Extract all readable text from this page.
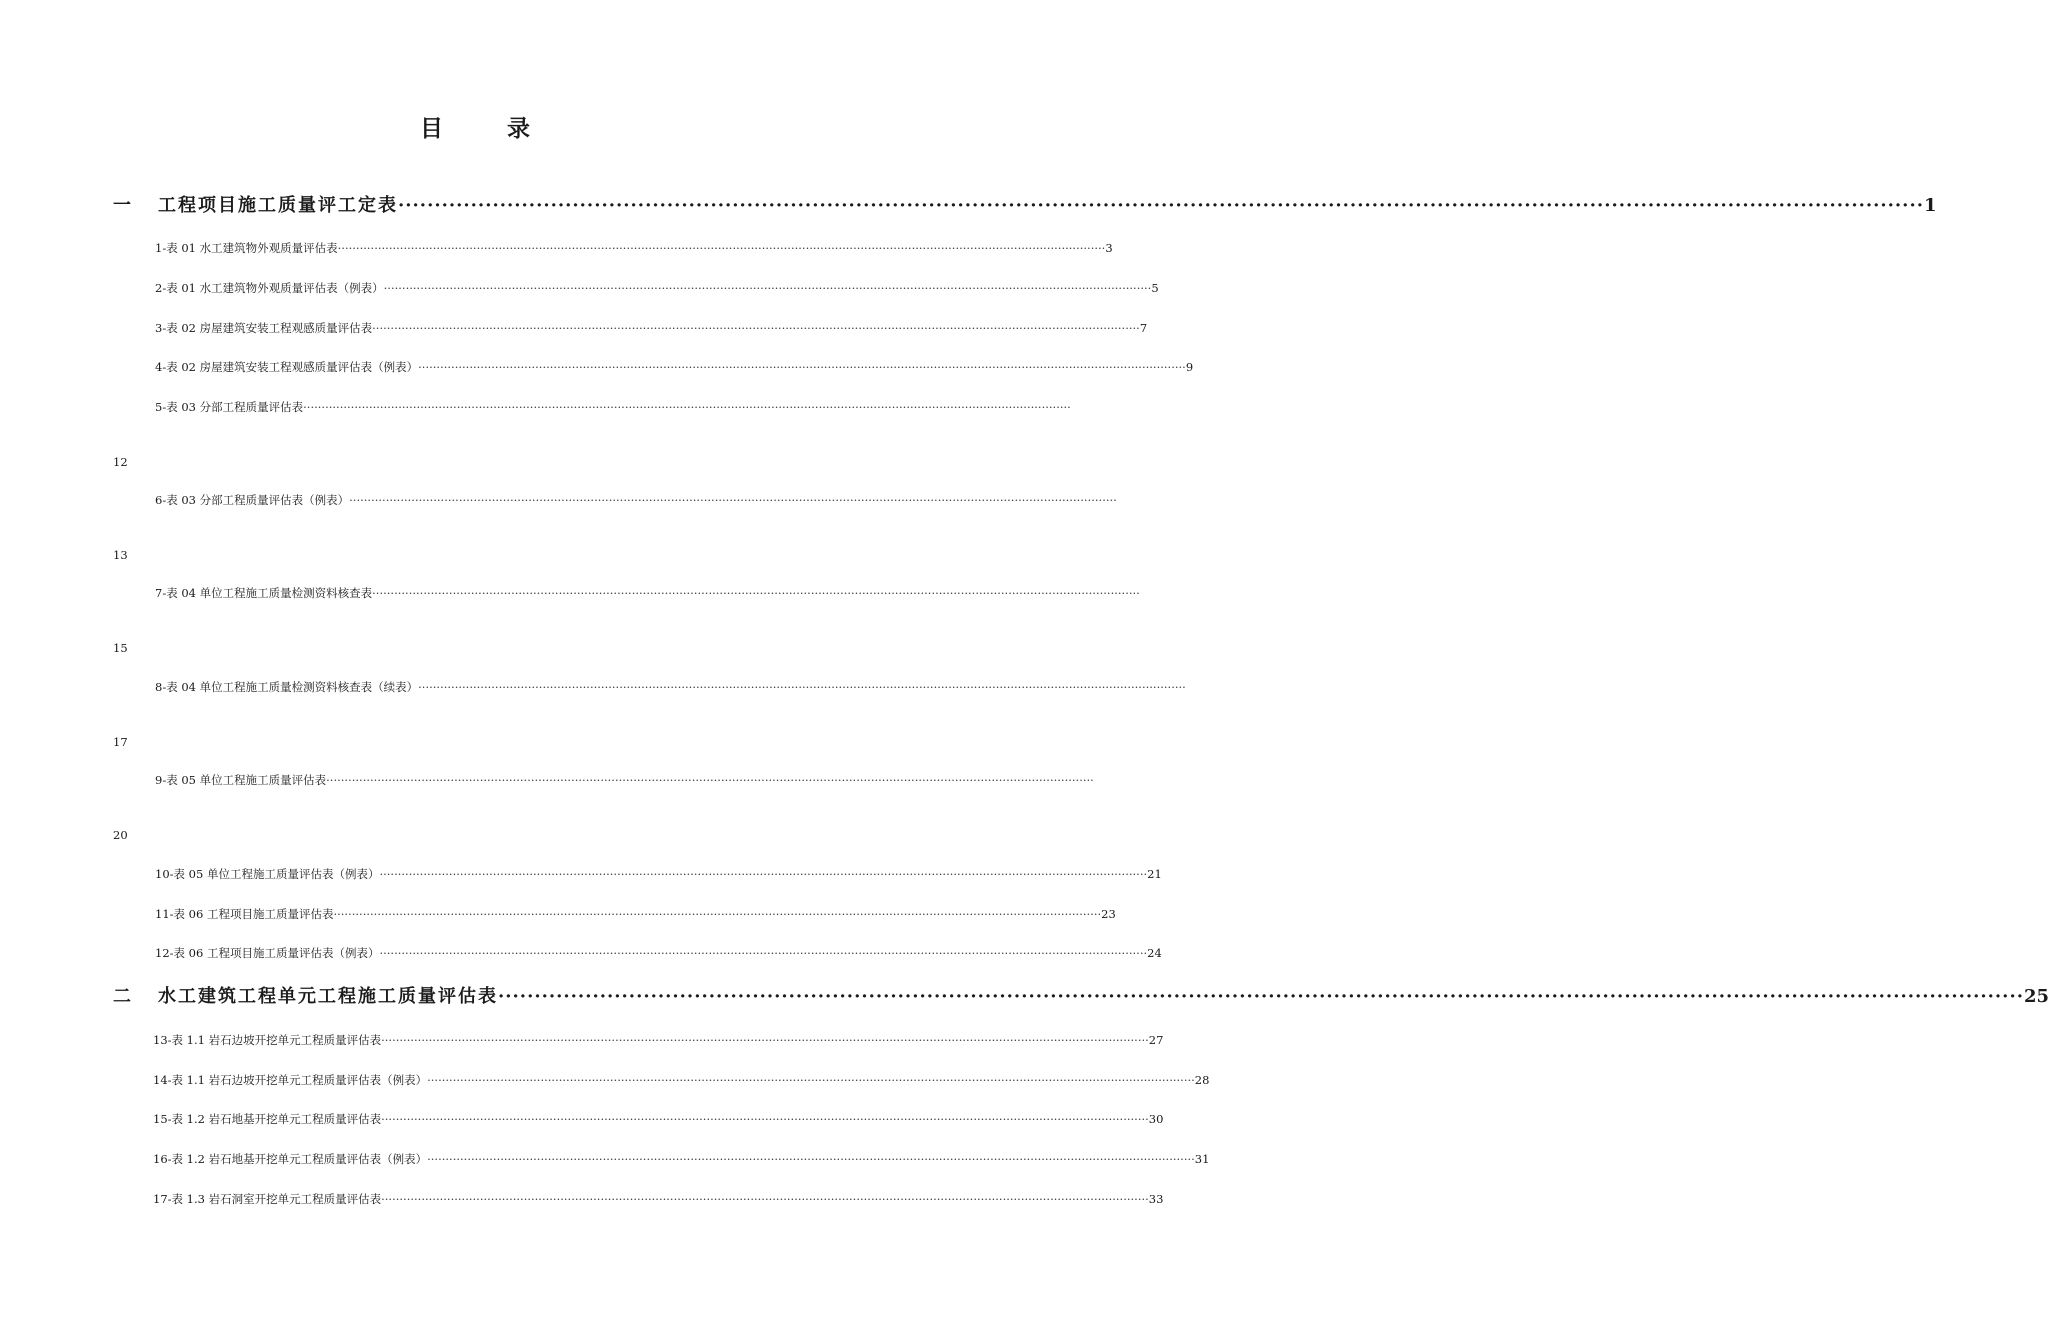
目 录
一	工程项目施工质量评工定表 ·················································································································································································································· 1
1-表 01 水工建筑物外观质量评估表 ·················································································································································································································· 3
2-表 01 水工建筑物外观质量评估表（例表） ·················································································································································································································· 5
3-表 02 房屋建筑安装工程观感质量评估表 ·················································································································································································································· 7
4-表 02 房屋建筑安装工程观感质量评估表（例表） ·················································································································································································································· 9
5-表 03 分部工程质量评估表 ··················································································································································································································
12
6-表 03 分部工程质量评估表（例表） ··················································································································································································································
13
7-表 04 单位工程施工质量检测资料核查表 ··················································································································································································································
15
8-表 04 单位工程施工质量检测资料核查表（续表） ··················································································································································································································
17
9-表 05 单位工程施工质量评估表 ··················································································································································································································
20
10-表 05 单位工程施工质量评估表（例表） ·················································································································································································································· 21
11-表 06 工程项目施工质量评估表 ·················································································································································································································· 23
12-表 06 工程项目施工质量评估表（例表） ·················································································································································································································· 24
二	水工建筑工程单元工程施工质量评估表 ·················································································································································································································· 25
13-表 1.1 岩石边坡开挖单元工程质量评估表 ·················································································································································································································· 27
14-表 1.1 岩石边坡开挖单元工程质量评估表（例表） ·················································································································································································································· 28
15-表 1.2 岩石地基开挖单元工程质量评估表 ·················································································································································································································· 30
16-表 1.2 岩石地基开挖单元工程质量评估表（例表） ·················································································································································································································· 31
17-表 1.3 岩石洞室开挖单元工程质量评估表 ·················································································································································································································· 33
